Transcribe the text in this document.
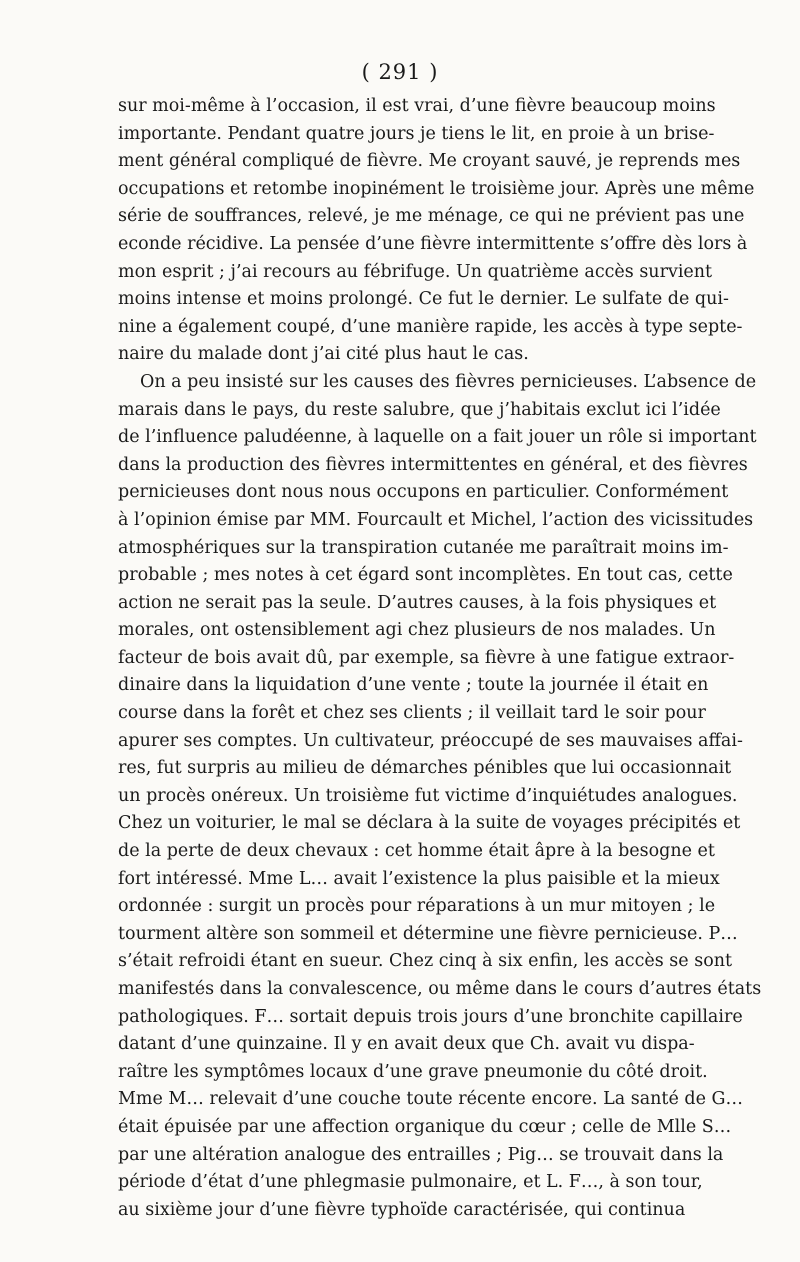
( 291 )
sur moi-même à l’occasion, il est vrai, d’une fièvre beaucoup moins
importante. Pendant quatre jours je tiens le lit, en proie à un brise-
ment général compliqué de fièvre. Me croyant sauvé, je reprends mes
occupations et retombe inopinément le troisième jour. Après une même
série de souffrances, relevé, je me ménage, ce qui ne prévient pas une
econde récidive. La pensée d’une fièvre intermittente s’offre dès lors à
mon esprit ; j’ai recours au fébrifuge. Un quatrième accès survient
moins intense et moins prolongé. Ce fut le dernier. Le sulfate de qui-
nine a également coupé, d’une manière rapide, les accès à type septe-
naire du malade dont j’ai cité plus haut le cas.
On a peu insisté sur les causes des fièvres pernicieuses. L’absence de
marais dans le pays, du reste salubre, que j’habitais exclut ici l’idée
de l’influence paludéenne, à laquelle on a fait jouer un rôle si important
dans la production des fièvres intermittentes en général, et des fièvres
pernicieuses dont nous nous occupons en particulier. Conformément
à l’opinion émise par MM. Fourcault et Michel, l’action des vicissitudes
atmosphériques sur la transpiration cutanée me paraîtrait moins im-
probable ; mes notes à cet égard sont incomplètes. En tout cas, cette
action ne serait pas la seule. D’autres causes, à la fois physiques et
morales, ont ostensiblement agi chez plusieurs de nos malades. Un
facteur de bois avait dû, par exemple, sa fièvre à une fatigue extraor-
dinaire dans la liquidation d’une vente ; toute la journée il était en
course dans la forêt et chez ses clients ; il veillait tard le soir pour
apurer ses comptes. Un cultivateur, préoccupé de ses mauvaises affai-
res, fut surpris au milieu de démarches pénibles que lui occasionnait
un procès onéreux. Un troisième fut victime d’inquiétudes analogues.
Chez un voiturier, le mal se déclara à la suite de voyages précipités et
de la perte de deux chevaux : cet homme était âpre à la besogne et
fort intéressé. Mme L… avait l’existence la plus paisible et la mieux
ordonnée : surgit un procès pour réparations à un mur mitoyen ; le
tourment altère son sommeil et détermine une fièvre pernicieuse. P…
s’était refroidi étant en sueur. Chez cinq à six enfin, les accès se sont
manifestés dans la convalescence, ou même dans le cours d’autres états
pathologiques. F… sortait depuis trois jours d’une bronchite capillaire
datant d’une quinzaine. Il y en avait deux que Ch. avait vu dispa-
raître les symptômes locaux d’une grave pneumonie du côté droit.
Mme M… relevait d’une couche toute récente encore. La santé de G…
était épuisée par une affection organique du cœur ; celle de Mlle S…
par une altération analogue des entrailles ; Pig… se trouvait dans la
période d’état d’une phlegmasie pulmonaire, et L. F…, à son tour,
au sixième jour d’une fièvre typhoïde caractérisée, qui continua
